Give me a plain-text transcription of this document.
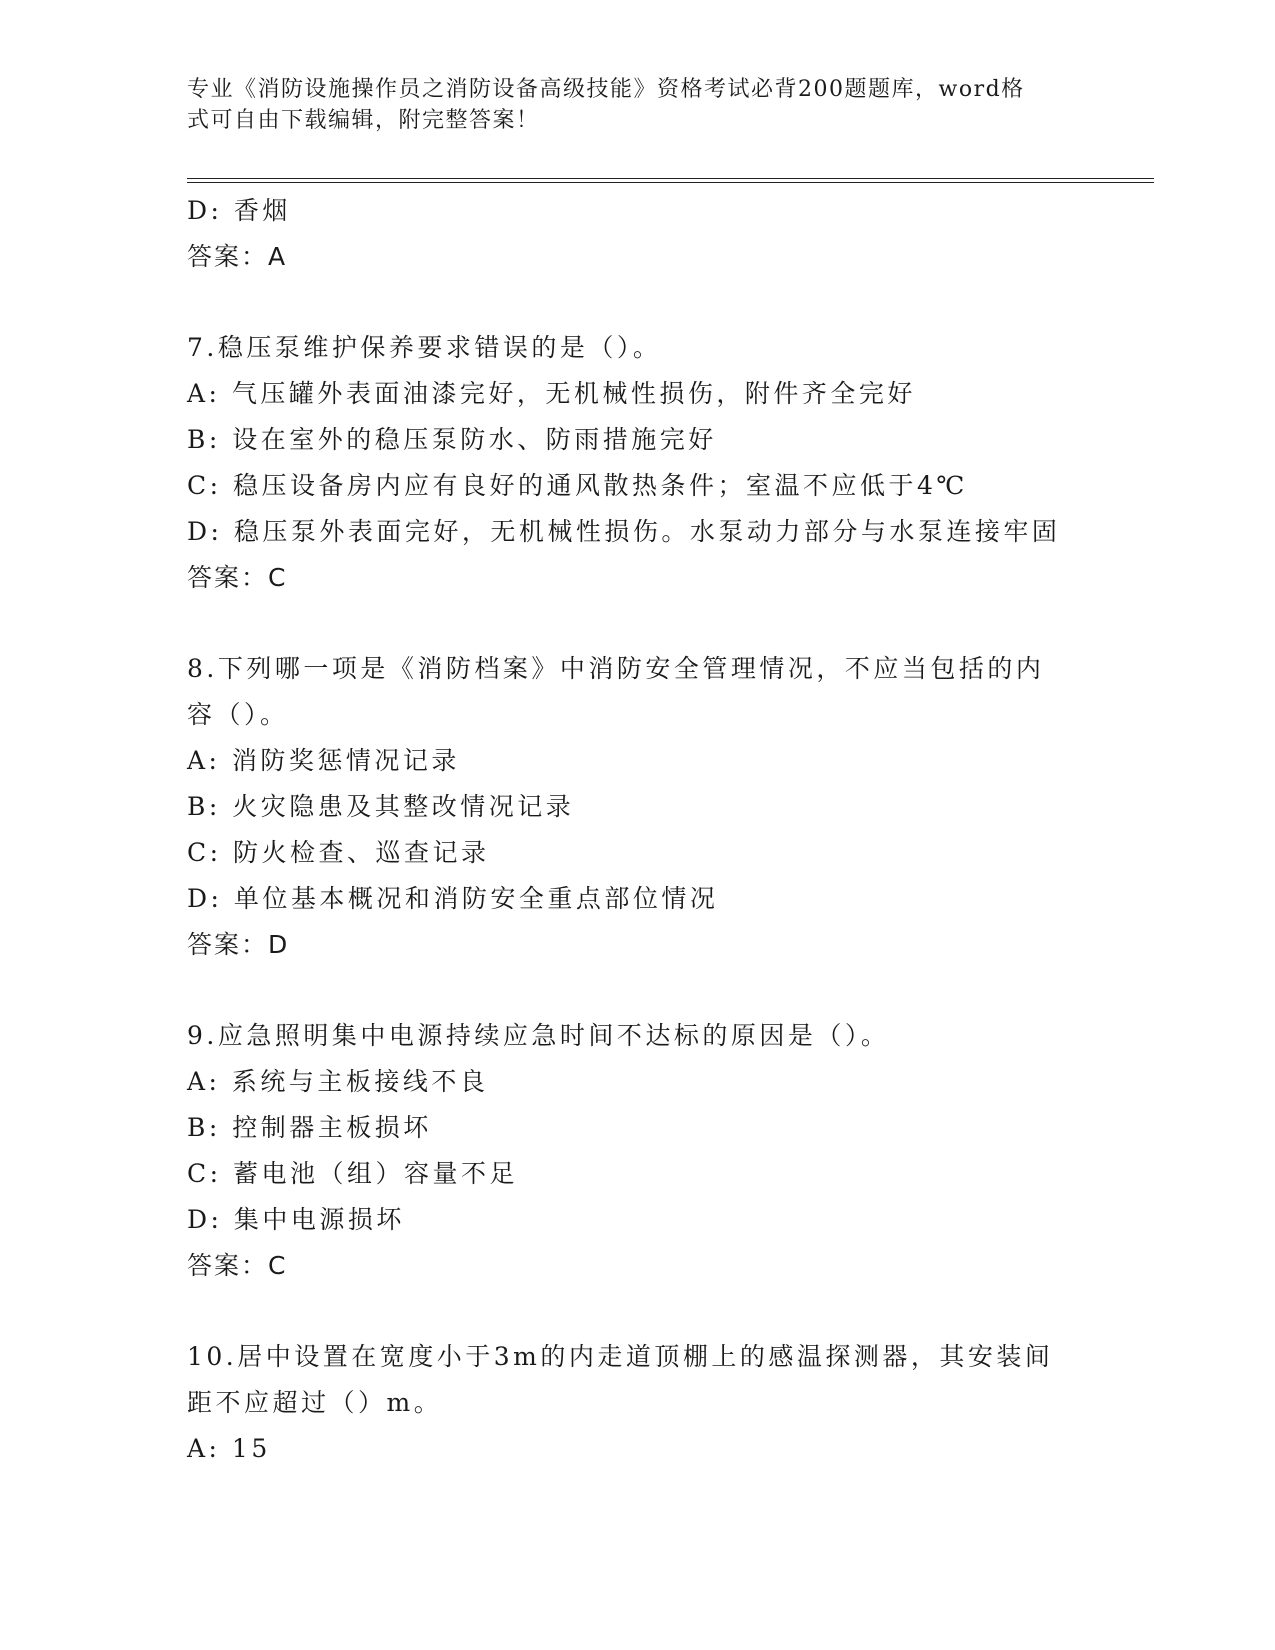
专业《消防设施操作员之消防设备高级技能》资格考试必背200题题库，word格
式可自由下载编辑，附完整答案！
D: 香烟
答案：A
7.稳压泵维护保养要求错误的是（）。
A: 气压罐外表面油漆完好，无机械性损伤，附件齐全完好
B: 设在室外的稳压泵防水、防雨措施完好
C: 稳压设备房内应有良好的通风散热条件；室温不应低于4℃
D: 稳压泵外表面完好，无机械性损伤。水泵动力部分与水泵连接牢固
答案：C
8.下列哪一项是《消防档案》中消防安全管理情况，不应当包括的内
容（）。
A: 消防奖惩情况记录
B: 火灾隐患及其整改情况记录
C: 防火检查、巡查记录
D: 单位基本概况和消防安全重点部位情况
答案：D
9.应急照明集中电源持续应急时间不达标的原因是（）。
A: 系统与主板接线不良
B: 控制器主板损坏
C: 蓄电池（组）容量不足
D: 集中电源损坏
答案：C
10.居中设置在宽度小于3m的内走道顶棚上的感温探测器，其安装间
距不应超过（）m。
A: 15
